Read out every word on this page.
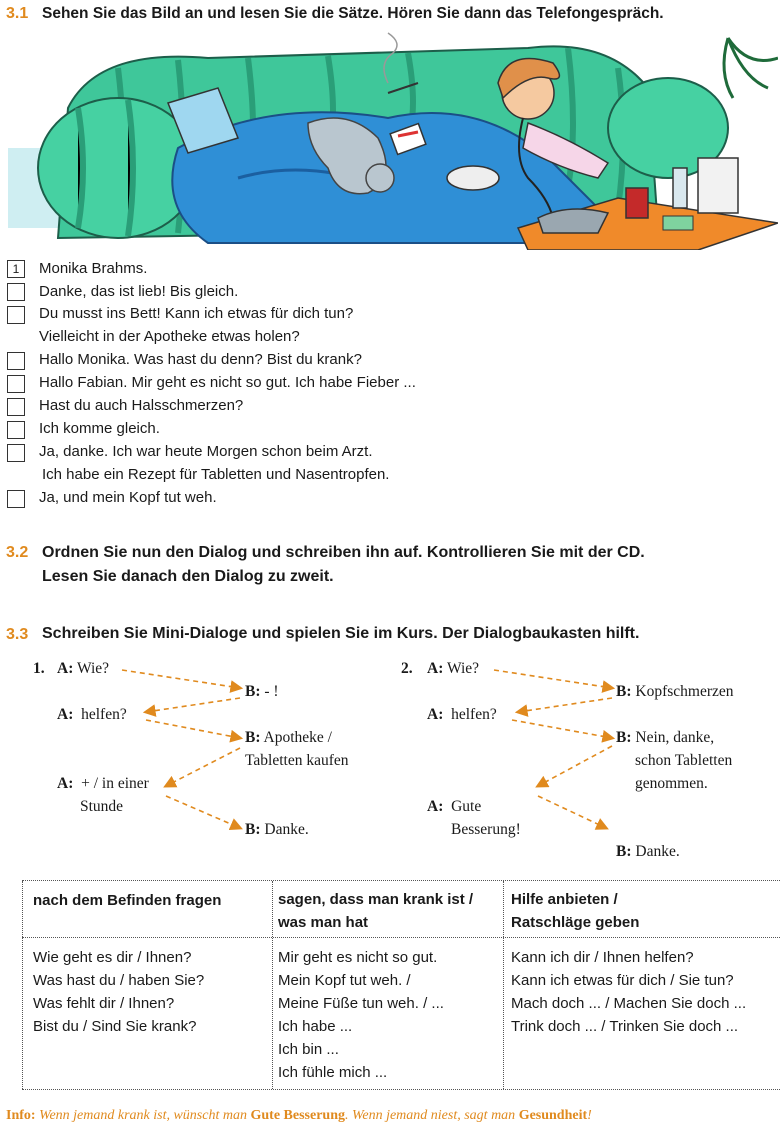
3.1 Sehen Sie das Bild an und lesen Sie die Sätze. Hören Sie dann das Telefongespräch.
1	Monika Brahms.
Danke, das ist lieb! Bis gleich.
Du musst ins Bett! Kann ich etwas für dich tun?
Vielleicht in der Apotheke etwas holen?
Hallo Monika. Was hast du denn? Bist du krank?
Hallo Fabian. Mir geht es nicht so gut. Ich habe Fieber ...
Hast du auch Halsschmerzen?
Ich komme gleich.
Ja, danke. Ich war heute Morgen schon beim Arzt.
Ich habe ein Rezept für Tabletten und Nasentropfen.
Ja, und mein Kopf tut weh.
3.2 Ordnen Sie nun den Dialog und schreiben ihn auf. Kontrollieren Sie mit der CD.
Lesen Sie danach den Dialog zu zweit.
3.3 Schreiben Sie Mini-Dialoge und spielen Sie im Kurs. Der Dialogbaukasten hilft.
1. A: Wie?
B: - !
A: helfen?
B: Apotheke /
Tabletten kaufen
A: + / in einer
Stunde
B: Danke.
2. A: Wie?
B: Kopfschmerzen
A: helfen?
B: Nein, danke,
schon Tabletten
genommen.
A: Gute
Besserung!
B: Danke.
nach dem Befinden fragen	sagen, dass man krank ist /
was man hat
Hilfe anbieten /
Ratschläge geben
Wie geht es dir / Ihnen?
Was hast du / haben Sie?
Was fehlt dir / Ihnen?
Bist du / Sind Sie krank?
Mir geht es nicht so gut.
Mein Kopf tut weh. /
Meine Füße tun weh. / ...
Ich habe ...
Ich bin ...
Ich fühle mich ...
Kann ich dir / Ihnen helfen?
Kann ich etwas für dich / Sie tun?
Mach doch ... / Machen Sie doch ...
Trink doch ... / Trinken Sie doch ...
Info: Wenn jemand krank ist, wünscht man Gute Besserung. Wenn jemand niest, sagt man Gesundheit!
